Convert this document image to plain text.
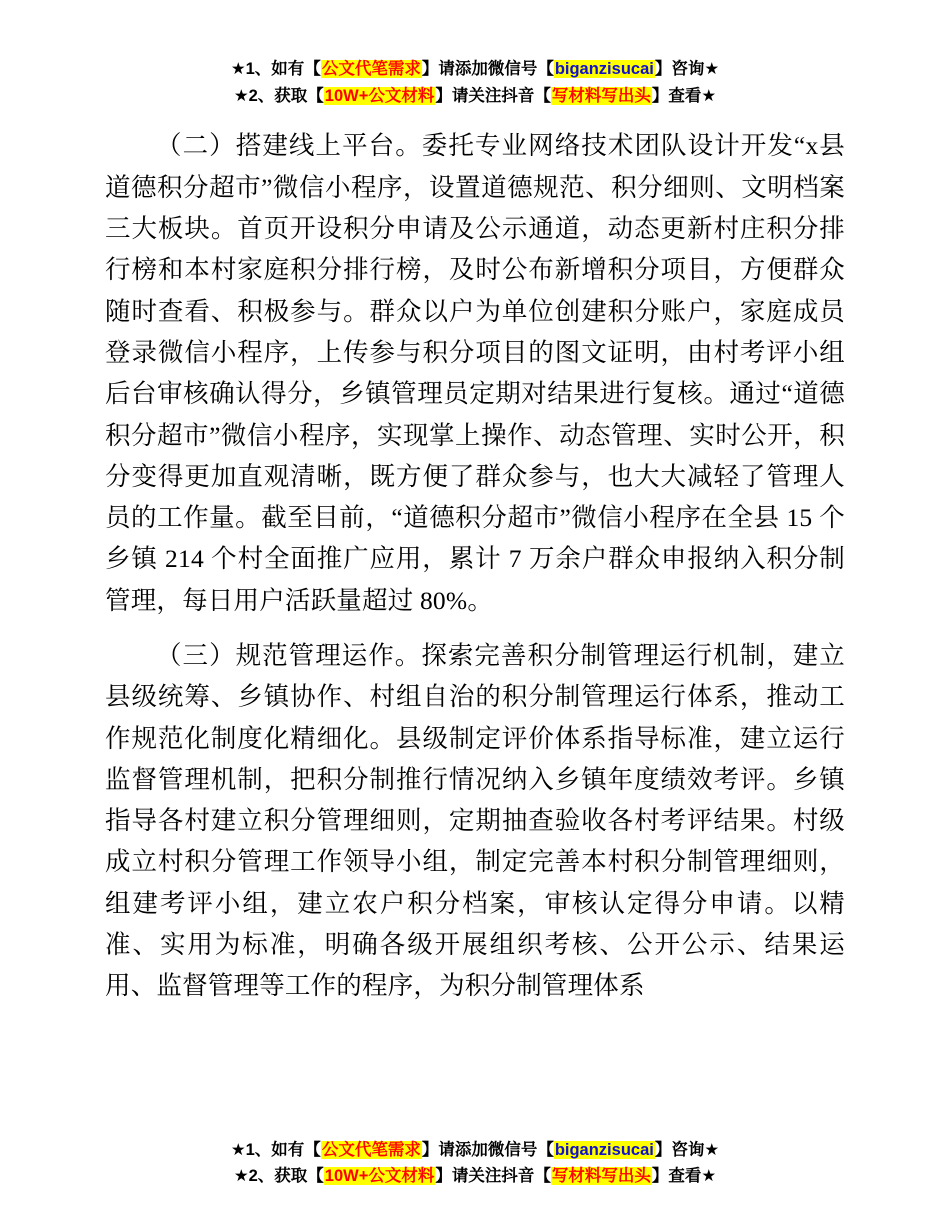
★1、如有【公文代笔需求】请添加微信号【biganzisucai】咨询★
★2、获取【10W+公文材料】请关注抖音【写材料写出头】查看★

（二）搭建线上平台。委托专业网络技术团队设计开发“x县道德积分超市”微信小程序，设置道德规范、积分细则、文明档案三大板块。首页开设积分申请及公示通道，动态更新村庄积分排行榜和本村家庭积分排行榜，及时公布新增积分项目，方便群众随时查看、积极参与。群众以户为单位创建积分账户，家庭成员登录微信小程序，上传参与积分项目的图文证明，由村考评小组后台审核确认得分，乡镇管理员定期对结果进行复核。通过“道德积分超市”微信小程序，实现掌上操作、动态管理、实时公开，积分变得更加直观清晰，既方便了群众参与，也大大减轻了管理人员的工作量。截至目前，“道德积分超市”微信小程序在全县 15 个乡镇 214 个村全面推广应用，累计 7 万余户群众申报纳入积分制管理，每日用户活跃量超过 80%。

（三）规范管理运作。探索完善积分制管理运行机制，建立县级统筹、乡镇协作、村组自治的积分制管理运行体系，推动工作规范化制度化精细化。县级制定评价体系指导标准，建立运行监督管理机制，把积分制推行情况纳入乡镇年度绩效考评。乡镇指导各村建立积分管理细则，定期抽查验收各村考评结果。村级成立村积分管理工作领导小组，制定完善本村积分制管理细则，组建考评小组，建立农户积分档案，审核认定得分申请。以精准、实用为标准，明确各级开展组织考核、公开公示、结果运用、监督管理等工作的程序，为积分制管理体系

★1、如有【公文代笔需求】请添加微信号【biganzisucai】咨询★
★2、获取【10W+公文材料】请关注抖音【写材料写出头】查看★
